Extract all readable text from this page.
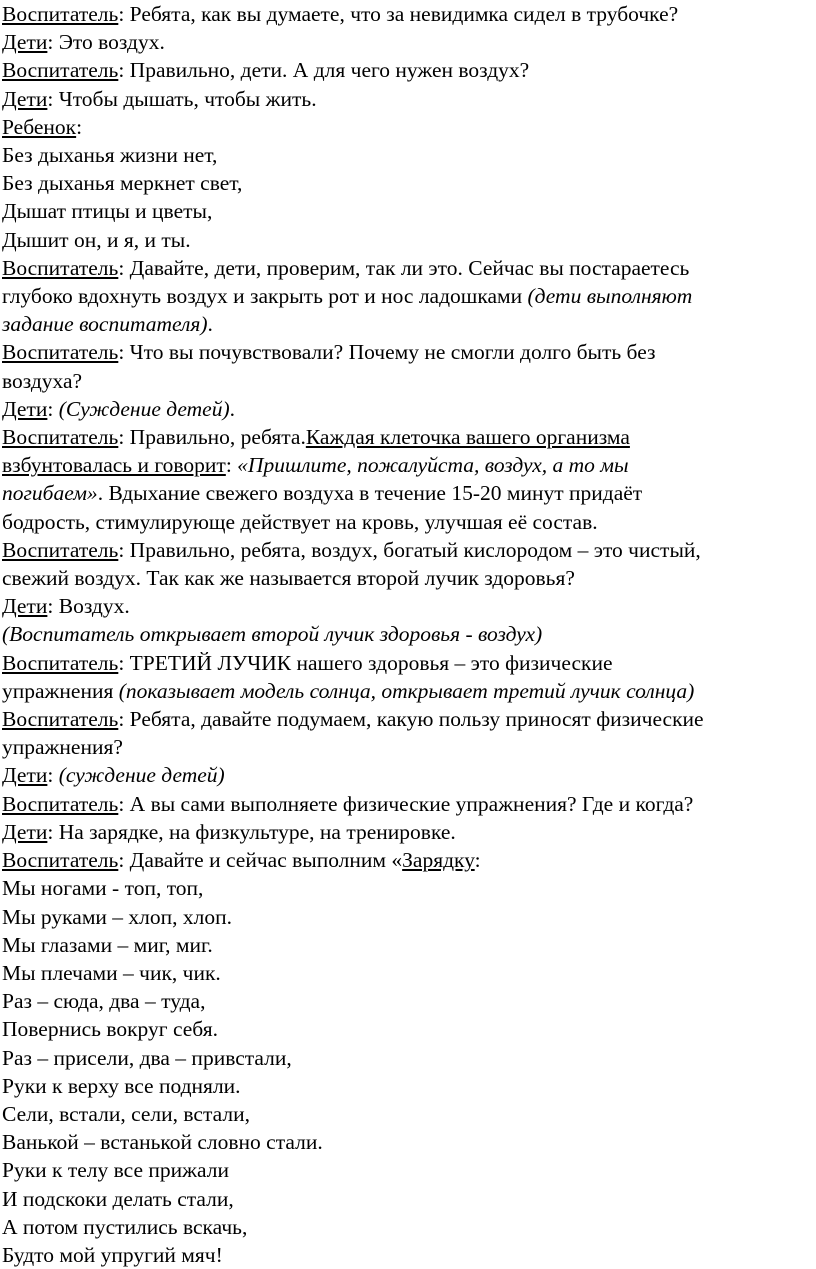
Воспитатель: Ребята, как вы думаете, что за невидимка сидел в трубочке?
Дети: Это воздух.
Воспитатель: Правильно, дети. А для чего нужен воздух?
Дети: Чтобы дышать, чтобы жить.
Ребенок:
Без дыханья жизни нет,
Без дыханья меркнет свет,
Дышат птицы и цветы,
Дышит он, и я, и ты.
Воспитатель: Давайте, дети, проверим, так ли это. Сейчас вы постараетесь
глубоко вдохнуть воздух и закрыть рот и нос ладошками (дети выполняют
задание воспитателя).
Воспитатель: Что вы почувствовали? Почему не смогли долго быть без
воздуха?
Дети: (Суждение детей).
Воспитатель: Правильно, ребята.Каждая клеточка вашего организма
взбунтовалась и говорит: «Пришлите, пожалуйста, воздух, а то мы
погибаем». Вдыхание свежего воздуха в течение 15-20 минут придаёт
бодрость, стимулирующе действует на кровь, улучшая её состав.
Воспитатель: Правильно, ребята, воздух, богатый кислородом – это чистый,
свежий воздух. Так как же называется второй лучик здоровья?
Дети: Воздух.
(Воспитатель открывает второй лучик здоровья - воздух)
Воспитатель: ТРЕТИЙ ЛУЧИК нашего здоровья – это физические
упражнения (показывает модель солнца, открывает третий лучик солнца)
Воспитатель: Ребята, давайте подумаем, какую пользу приносят физические
упражнения?
Дети: (суждение детей)
Воспитатель: А вы сами выполняете физические упражнения? Где и когда?
Дети: На зарядке, на физкультуре, на тренировке.
Воспитатель: Давайте и сейчас выполним «Зарядку:
Мы ногами - топ, топ,
Мы руками – хлоп, хлоп.
Мы глазами – миг, миг.
Мы плечами – чик, чик.
Раз – сюда, два – туда,
Повернись вокруг себя.
Раз – присели, два – привстали,
Руки к верху все подняли.
Сели, встали, сели, встали,
Ванькой – встанькой словно стали.
Руки к телу все прижали
И подскоки делать стали,
А потом пустились вскачь,
Будто мой упругий мяч!
